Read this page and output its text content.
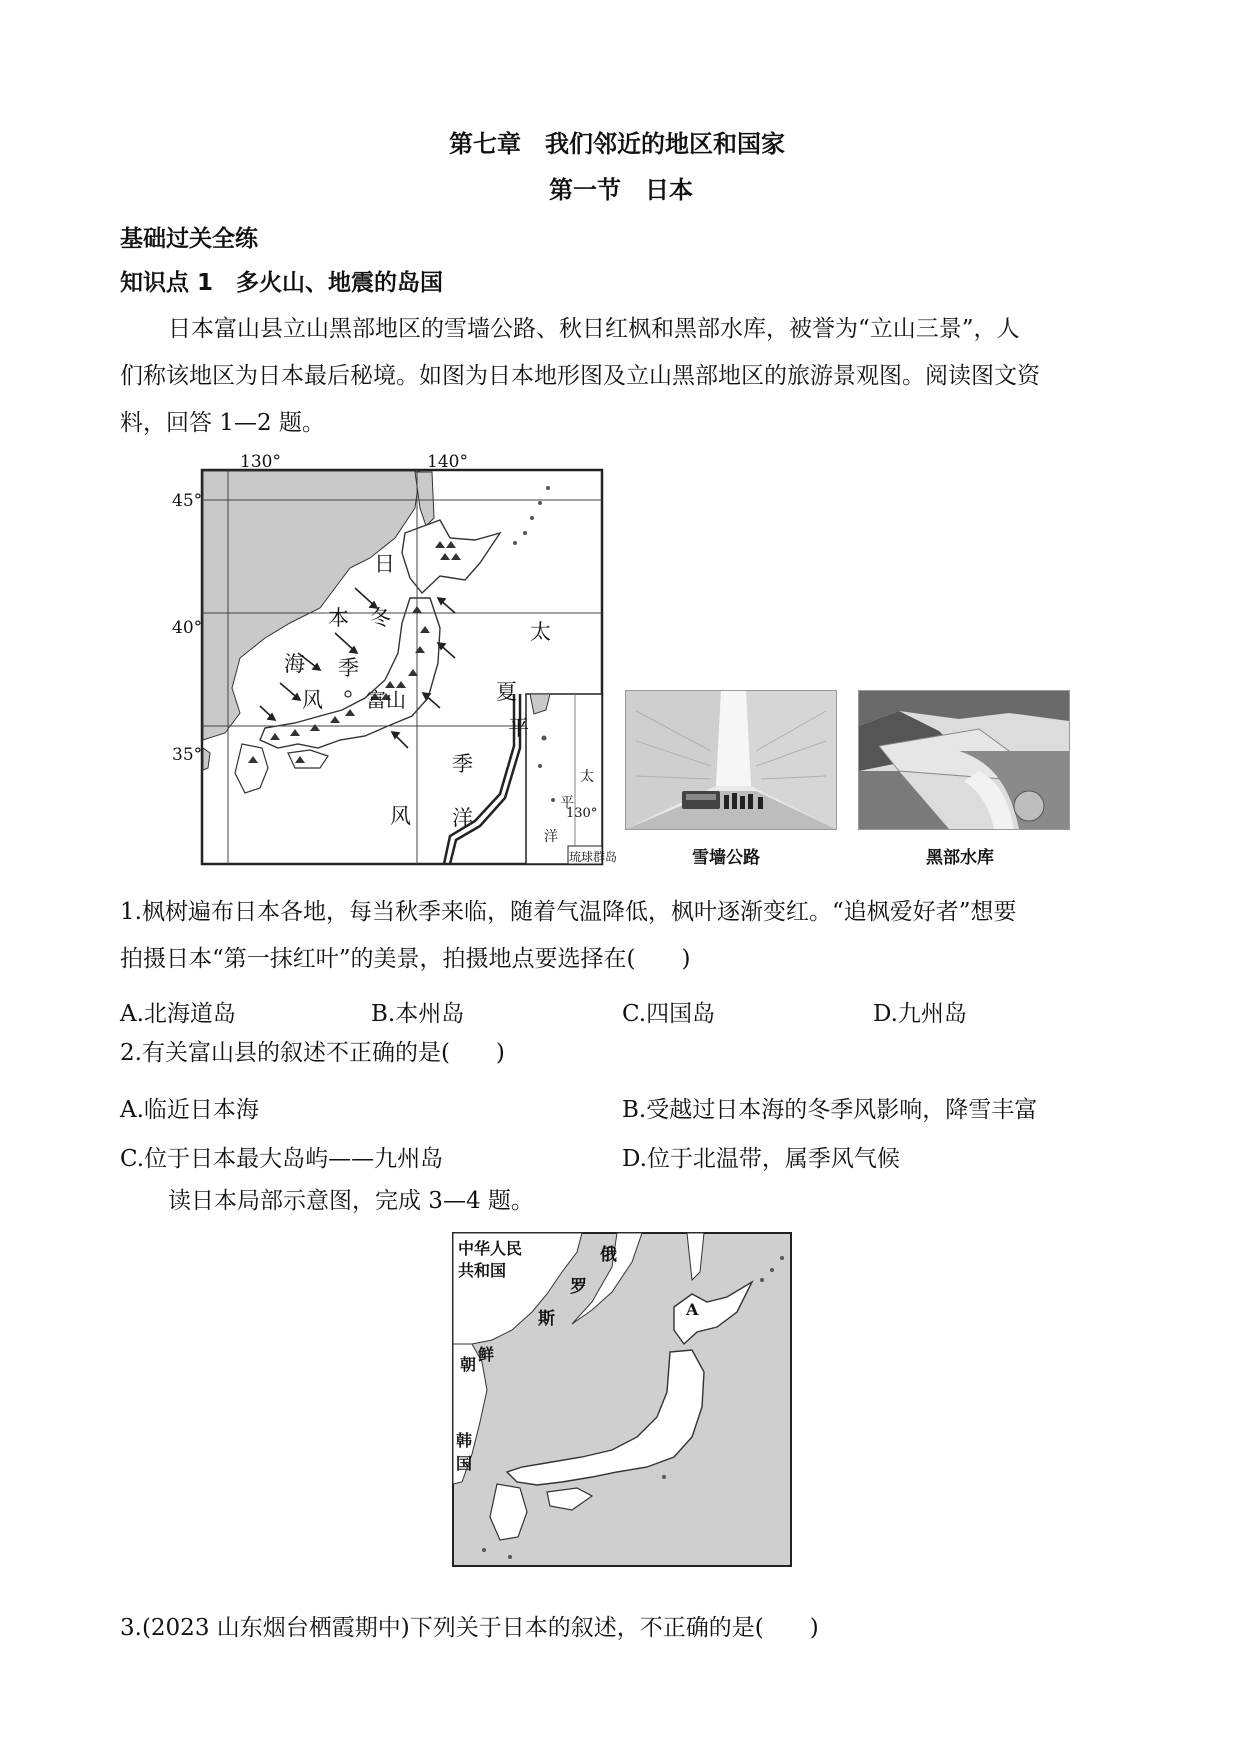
第七章　我们邻近的地区和国家
第一节　日本
基础过关全练
知识点 1　多火山、地震的岛国
日本富山县立山黑部地区的雪墙公路、秋日红枫和黑部水库，被誉为“立山三景”，人
们称该地区为日本最后秘境。如图为日本地形图及立山黑部地区的旅游景观图。阅读图文资
料，回答 1—2 题。
130°	140°
45°
40°
35°
日
本 冬
海 季
风 富山
太
夏
平
季
风 洋
太
平
130°
洋
琉球群岛	雪墙公路	黑部水库
1.枫树遍布日本各地，每当秋季来临，随着气温降低，枫叶逐渐变红。“追枫爱好者”想要
拍摄日本“第一抹红叶”的美景，拍摄地点要选择在(　　)
A.北海道岛	B.本州岛	C.四国岛	D.九州岛
2.有关富山县的叙述不正确的是(　　)
A.临近日本海	B.受越过日本海的冬季风影响，降雪丰富
C.位于日本最大岛屿——九州岛	D.位于北温带，属季风气候
读日本局部示意图，完成 3—4 题。
中华人民
共和国
俄
罗
斯	A
朝
鲜
韩
国
3.(2023 山东烟台栖霞期中)下列关于日本的叙述，不正确的是(　　)
